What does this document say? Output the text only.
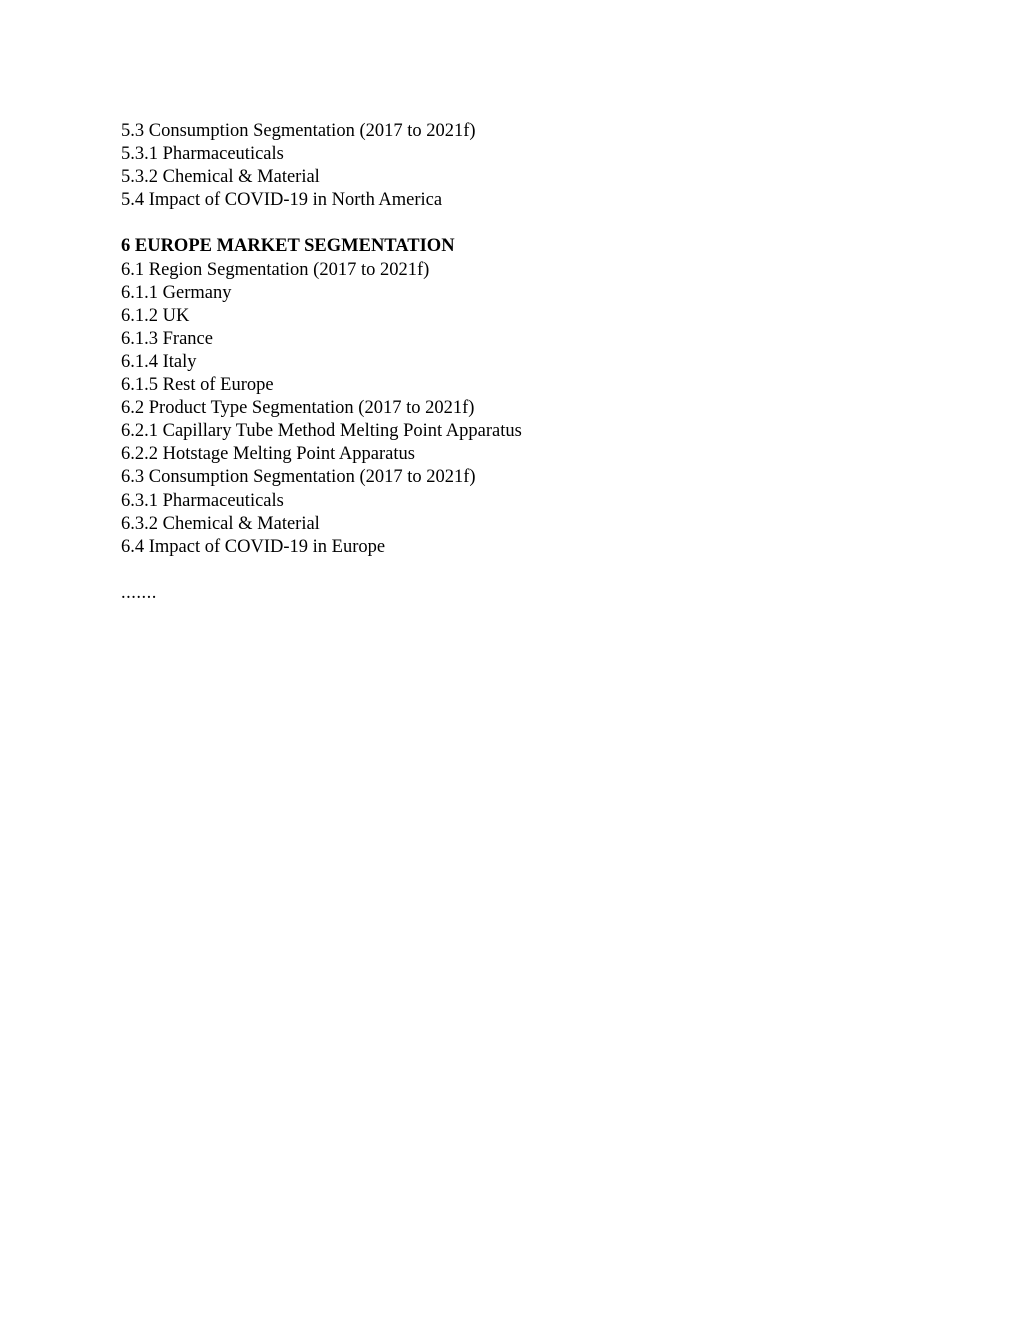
5.3 Consumption Segmentation (2017 to 2021f)
5.3.1 Pharmaceuticals
5.3.2 Chemical & Material
5.4 Impact of COVID-19 in North America
6 EUROPE MARKET SEGMENTATION
6.1 Region Segmentation (2017 to 2021f)
6.1.1 Germany
6.1.2 UK
6.1.3 France
6.1.4 Italy
6.1.5 Rest of Europe
6.2 Product Type Segmentation (2017 to 2021f)
6.2.1 Capillary Tube Method Melting Point Apparatus
6.2.2 Hotstage Melting Point Apparatus
6.3 Consumption Segmentation (2017 to 2021f)
6.3.1 Pharmaceuticals
6.3.2 Chemical & Material
6.4 Impact of COVID-19 in Europe
.......
